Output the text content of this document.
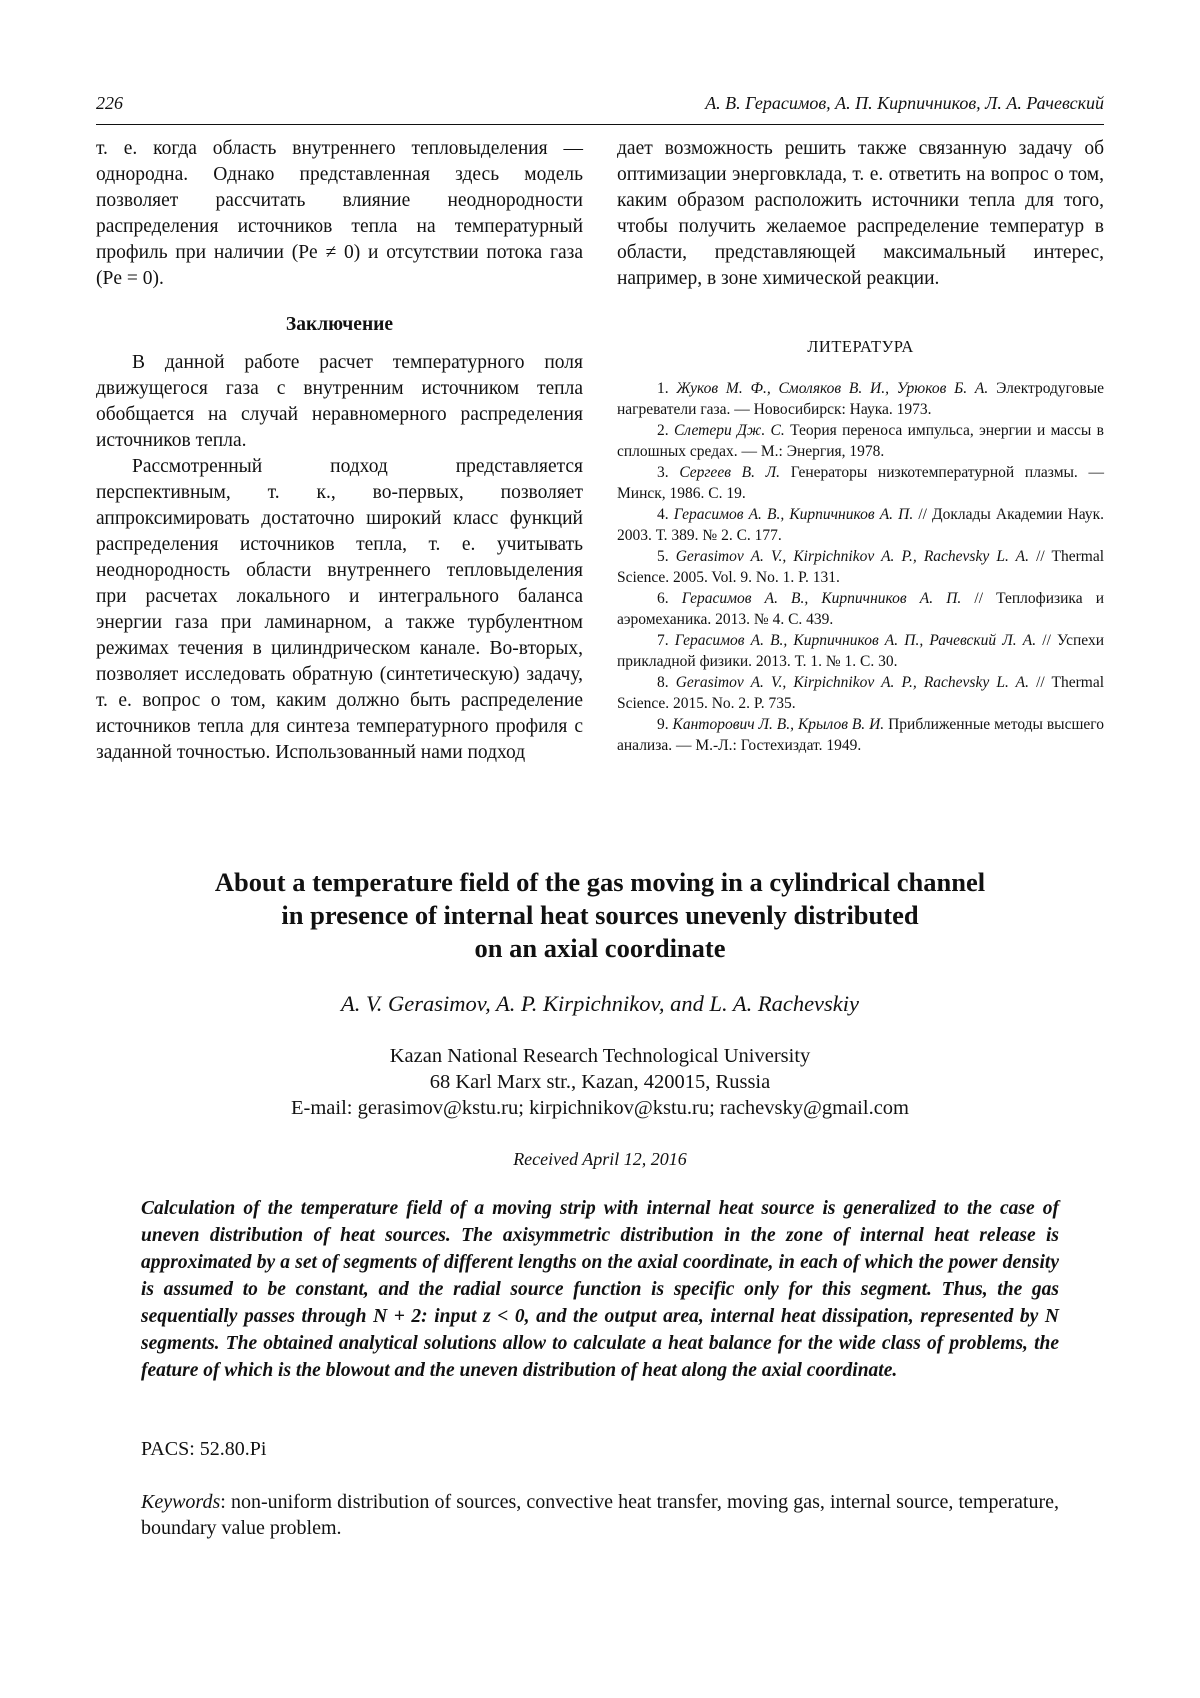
226	А. В. Герасимов, А. П. Кирпичников, Л. А. Рачевский

т. е. когда область внутреннего тепловыделения — однородна. Однако представленная здесь модель позволяет рассчитать влияние неоднородности распределения источников тепла на температурный профиль при наличии (Pe ≠ 0) и отсутствии потока газа (Pe = 0).

Заключение

В данной работе расчет температурного поля движущегося газа с внутренним источником тепла обобщается на случай неравномерного распределения источников тепла.

Рассмотренный подход представляется перспективным, т. к., во-первых, позволяет аппроксимировать достаточно широкий класс функций распределения источников тепла, т. е. учитывать неоднородность области внутреннего тепловыделения при расчетах локального и интегрального баланса энергии газа при ламинарном, а также турбулентном режимах течения в цилиндрическом канале. Во-вторых, позволяет исследовать обратную (синтетическую) задачу, т. е. вопрос о том, каким должно быть распределение источников тепла для синтеза температурного профиля с заданной точностью. Использованный нами подход

дает возможность решить также связанную задачу об оптимизации энерговклада, т. е. ответить на вопрос о том, каким образом расположить источники тепла для того, чтобы получить желаемое распределение температур в области, представляющей максимальный интерес, например, в зоне химической реакции.

ЛИТЕРАТУРА

1. Жуков М. Ф., Смоляков В. И., Урюков Б. А. Электродуговые нагреватели газа. — Новосибирск: Наука. 1973.

2. Слетери Дж. С. Теория переноса импульса, энергии и массы в сплошных средах. — М.: Энергия, 1978.

3. Сергеев В. Л. Генераторы низкотемпературной плазмы. — Минск, 1986. С. 19.

4. Герасимов А. В., Кирпичников А. П. // Доклады Академии Наук. 2003. Т. 389. № 2. С. 177.

5. Gerasimov A. V., Kirpichnikov A. P., Rachevsky L. A. // Thermal Science. 2005. Vol. 9. No. 1. P. 131.

6. Герасимов А. В., Кирпичников А. П. // Теплофизика и аэромеханика. 2013. № 4. С. 439.

7. Герасимов А. В., Кирпичников А. П., Рачевский Л. А. // Успехи прикладной физики. 2013. Т. 1. № 1. С. 30.

8. Gerasimov A. V., Kirpichnikov A. P., Rachevsky L. A. // Thermal Science. 2015. No. 2. P. 735.

9. Канторович Л. В., Крылов В. И. Приближенные методы высшего анализа. — М.-Л.: Гостехиздат. 1949.

About a temperature field of the gas moving in a cylindrical channel
in presence of internal heat sources unevenly distributed
on an axial coordinate
A. V. Gerasimov, A. P. Kirpichnikov, and L. A. Rachevskiy
Kazan National Research Technological University
68 Karl Marx str., Kazan, 420015, Russia
E-mail: gerasimov@kstu.ru; kirpichnikov@kstu.ru; rachevsky@gmail.com
Received April 12, 2016
Calculation of the temperature field of a moving strip with internal heat source is generalized to the case of uneven distribution of heat sources. The axisymmetric distribution in the zone of internal heat release is approximated by a set of segments of different lengths on the axial coordinate, in each of which the power density is assumed to be constant, and the radial source function is specific only for this segment. Thus, the gas sequentially passes through N + 2: input z < 0, and the output area, internal heat dissipation, represented by N segments. The obtained analytical solutions allow to calculate a heat balance for the wide class of problems, the feature of which is the blowout and the uneven distribution of heat along the axial coordinate.
PACS: 52.80.Pi
Keywords: non-uniform distribution of sources, convective heat transfer, moving gas, internal source, temperature, boundary value problem.
